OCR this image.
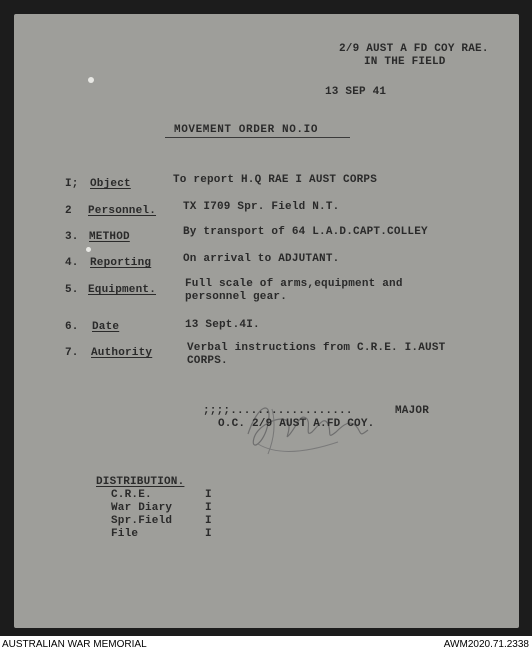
2/9 AUST A FD COY RAE.
IN THE FIELD
13 SEP 41
MOVEMENT ORDER NO.IO
I; Object	To report H.Q RAE I AUST CORPS
2 Personnel. TX I709 Spr. Field N.T.
3. METHOD	By transport of 64 L.A.D.CAPT.COLLEY
4. Reporting	On arrival to ADJUTANT.
5. Equipment.	Full scale of arms,equipment and
personnel gear.
6. Date	13 Sept.4I.
7. Authority	Verbal instructions from C.R.E. I.AUST
CORPS.
;;;;..................	MAJOR
O.C. 2/9 AUST A.FD COY.
DISTRIBUTION.
C.R.E.	I
War Diary	I
Spr.Field	I
File	I
AUSTRALIAN WAR MEMORIAL	AWM2020.71.2338
